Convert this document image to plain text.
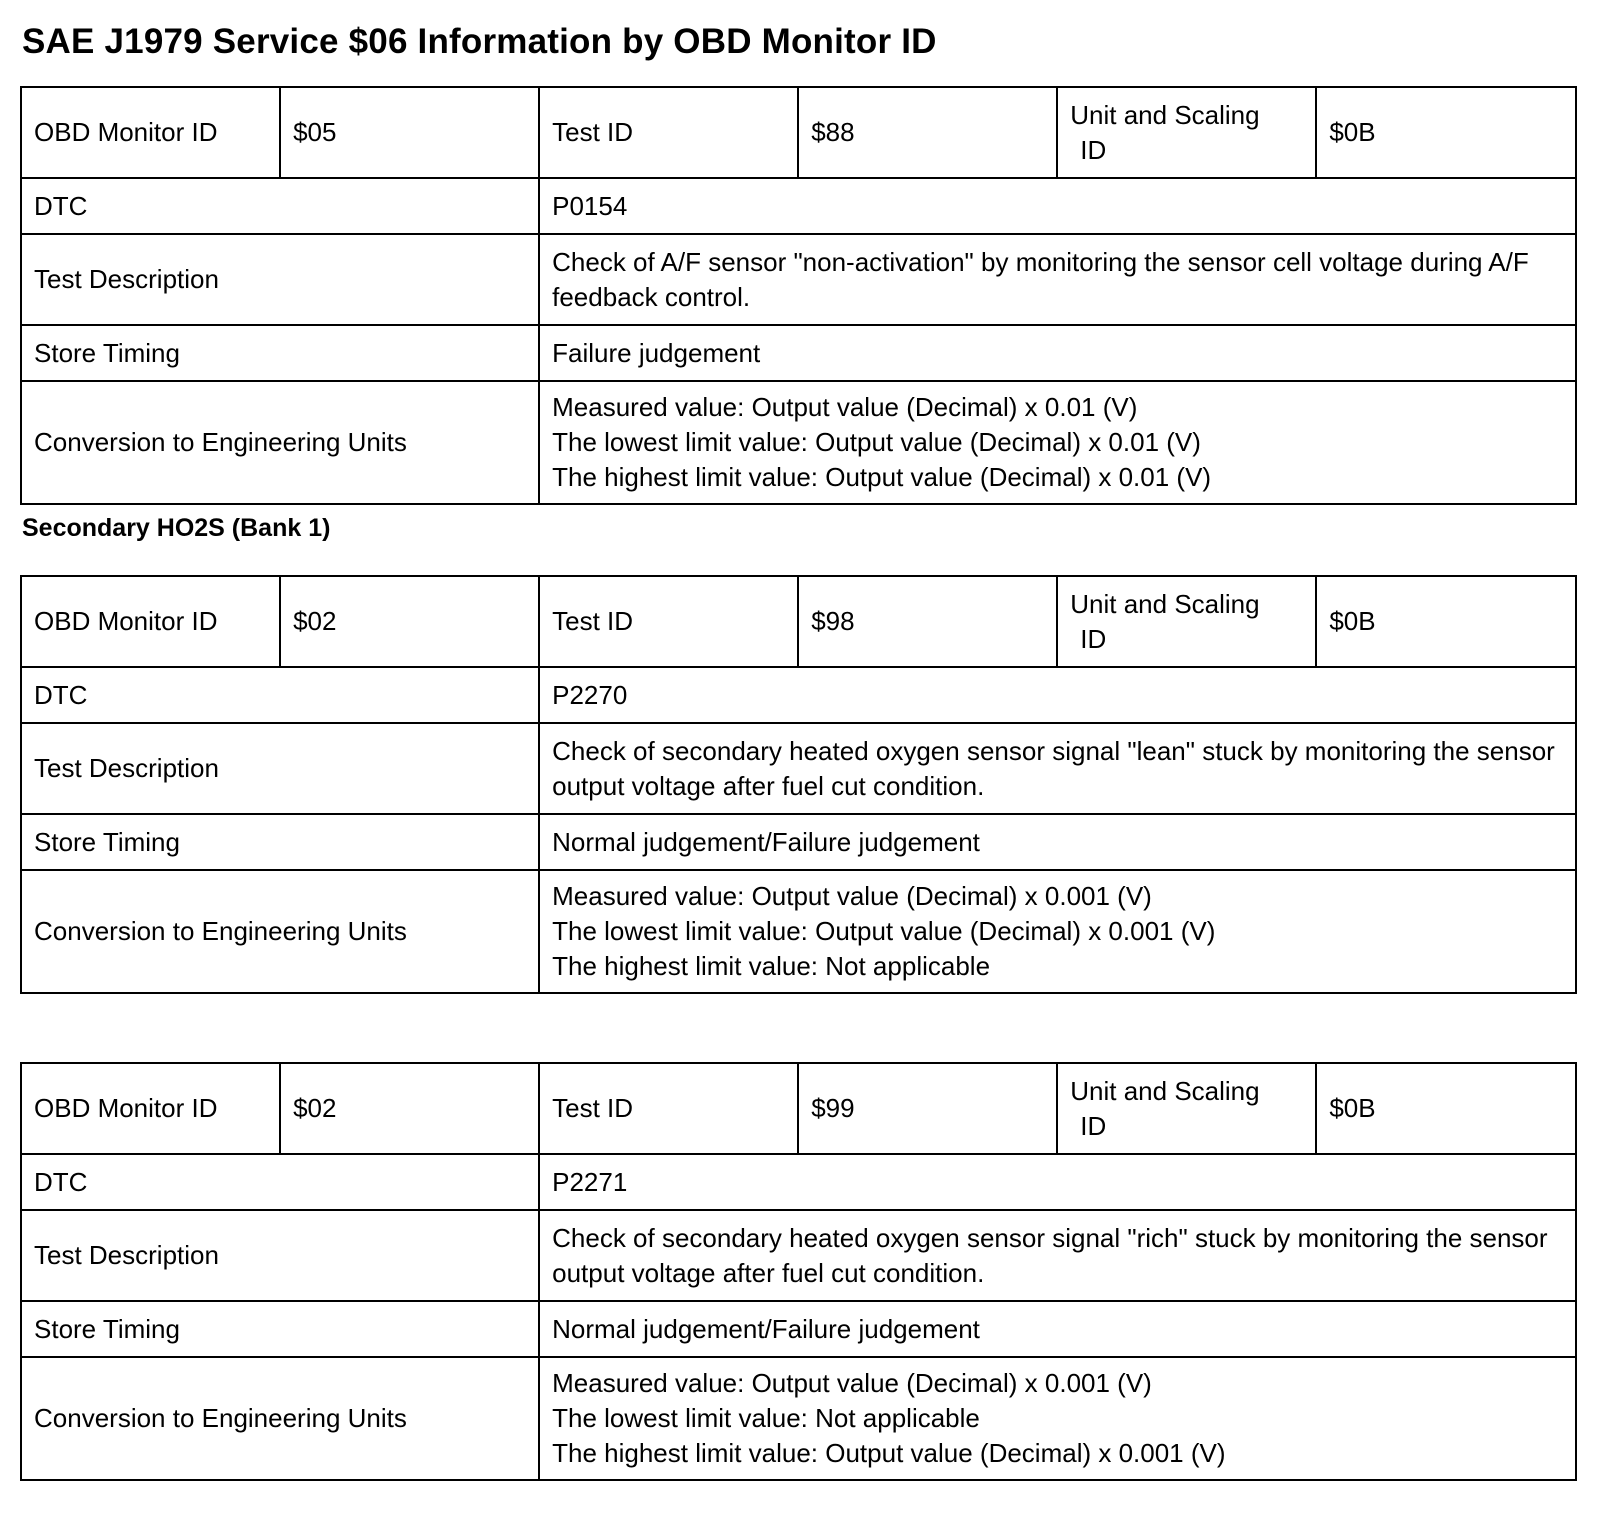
SAE J1979 Service $06 Information by OBD Monitor ID
OBD Monitor ID	$05	Test ID	$88	Unit and Scaling
ID	$0B
DTC		P0154			
Test Description		Check of A/F sensor "non-activation" by monitoring the sensor cell voltage during A/F feedback control.			
Store Timing		Failure judgement			
Conversion to Engineering Units		Measured value: Output value (Decimal) x 0.01 (V)
The lowest limit value: Output value (Decimal) x 0.01 (V)
The highest limit value: Output value (Decimal) x 0.01 (V)			
Secondary HO2S (Bank 1)
OBD Monitor ID	$02	Test ID	$98	Unit and Scaling
ID	$0B
DTC		P2270			
Test Description		Check of secondary heated oxygen sensor signal "lean" stuck by monitoring the sensor output voltage after fuel cut condition.			
Store Timing		Normal judgement/Failure judgement			
Conversion to Engineering Units		Measured value: Output value (Decimal) x 0.001 (V)
The lowest limit value: Output value (Decimal) x 0.001 (V)
The highest limit value: Not applicable			
OBD Monitor ID	$02	Test ID	$99	Unit and Scaling
ID	$0B
DTC		P2271			
Test Description		Check of secondary heated oxygen sensor signal "rich" stuck by monitoring the sensor output voltage after fuel cut condition.			
Store Timing		Normal judgement/Failure judgement			
Conversion to Engineering Units		Measured value: Output value (Decimal) x 0.001 (V)
The lowest limit value: Not applicable
The highest limit value: Output value (Decimal) x 0.001 (V)			
